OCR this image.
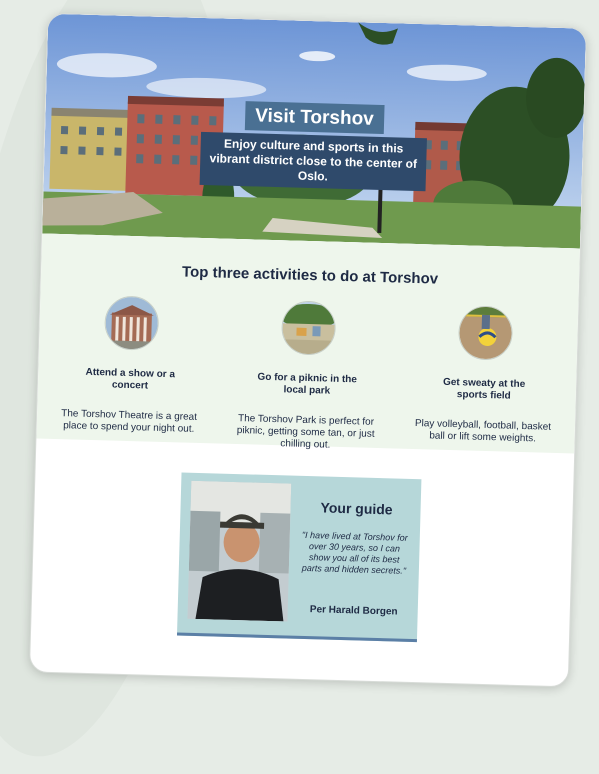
Visit Torshov
Enjoy culture and sports in this vibrant district close to the center of Oslo.
Top three activities to do at Torshov
Attend a show or a concert
The Torshov Theatre is a great place to spend your night out.
Go for a piknic in the local park
The Torshov Park is perfect for piknic, getting some tan, or just chilling out.
Get sweaty at the sports field
Play volleyball, football, basket ball or lift some weights.
Your guide
"I have lived at Torshov for over 30 years, so I can show you all of its best parts and hidden secrets."
Per Harald Borgen
